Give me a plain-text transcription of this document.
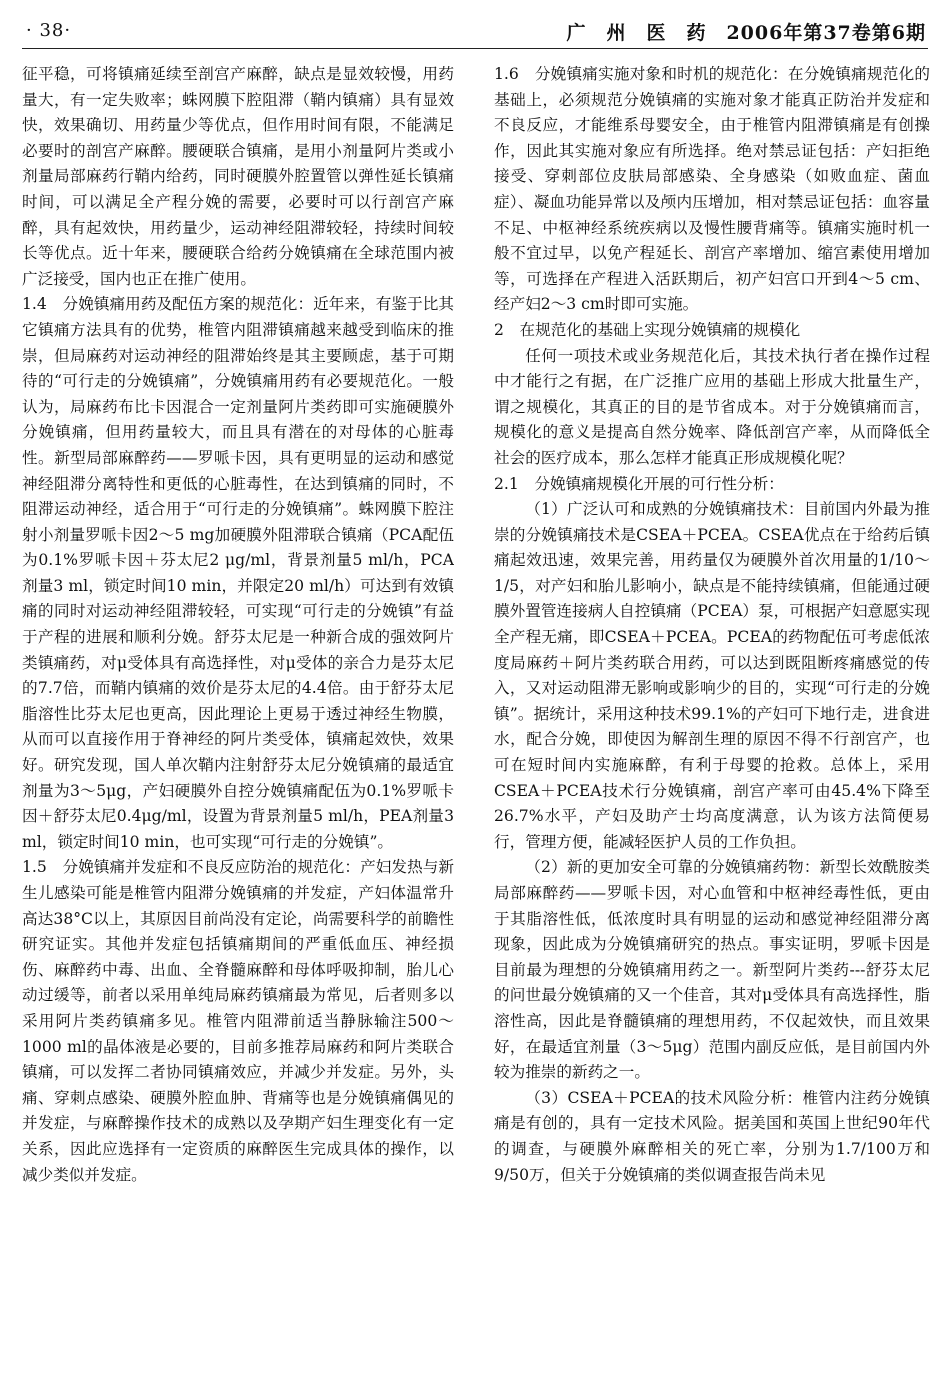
· 38·	广　州　医　药　2006年第37卷第6期

征平稳，可将镇痛延续至剖宫产麻醉，缺点是显效较慢，用药量大，有一定失败率；蛛网膜下腔阻滞（鞘内镇痛）具有显效快，效果确切、用药量少等优点，但作用时间有限，不能满足必要时的剖宫产麻醉。腰硬联合镇痛，是用小剂量阿片类或小剂量局部麻药行鞘内给药，同时硬膜外腔置管以弹性延长镇痛时间，可以满足全产程分娩的需要，必要时可以行剖宫产麻醉，具有起效快，用药量少，运动神经阻滞较轻，持续时间较长等优点。近十年来，腰硬联合给药分娩镇痛在全球范围内被广泛接受，国内也正在推广使用。

1.4　分娩镇痛用药及配伍方案的规范化：近年来，有鉴于比其它镇痛方法具有的优势，椎管内阻滞镇痛越来越受到临床的推崇，但局麻药对运动神经的阻滞始终是其主要顾虑，基于可期待的“可行走的分娩镇痛”，分娩镇痛用药有必要规范化。一般认为，局麻药布比卡因混合一定剂量阿片类药即可实施硬膜外分娩镇痛，但用药量较大，而且具有潜在的对母体的心脏毒性。新型局部麻醉药——罗哌卡因，具有更明显的运动和感觉神经阻滞分离特性和更低的心脏毒性，在达到镇痛的同时，不阻滞运动神经，适合用于“可行走的分娩镇痛”。蛛网膜下腔注射小剂量罗哌卡因2～5 mg加硬膜外阻滞联合镇痛（PCA配伍为0.1%罗哌卡因＋芬太尼2 μg/ml，背景剂量5 ml/h，PCA剂量3 ml，锁定时间10 min，并限定20 ml/h）可达到有效镇痛的同时对运动神经阻滞较轻，可实现“可行走的分娩镇”有益于产程的进展和顺利分娩。舒芬太尼是一种新合成的强效阿片类镇痛药，对μ受体具有高选择性，对μ受体的亲合力是芬太尼的7.7倍，而鞘内镇痛的效价是芬太尼的4.4倍。由于舒芬太尼脂溶性比芬太尼也更高，因此理论上更易于透过神经生物膜，从而可以直接作用于脊神经的阿片类受体，镇痛起效快，效果好。研究发现，国人单次鞘内注射舒芬太尼分娩镇痛的最适宜剂量为3～5μg，产妇硬膜外自控分娩镇痛配伍为0.1%罗哌卡因＋舒芬太尼0.4μg/ml，设置为背景剂量5 ml/h，PEA剂量3 ml，锁定时间10 min，也可实现“可行走的分娩镇”。

1.5　分娩镇痛并发症和不良反应防治的规范化：产妇发热与新生儿感染可能是椎管内阻滞分娩镇痛的并发症，产妇体温常升高达38°C以上，其原因目前尚没有定论，尚需要科学的前瞻性研究证实。其他并发症包括镇痛期间的严重低血压、神经损伤、麻醉药中毒、出血、全脊髓麻醉和母体呼吸抑制，胎儿心动过缓等，前者以采用单纯局麻药镇痛最为常见，后者则多以采用阿片类药镇痛多见。椎管内阻滞前适当静脉输注500～1000 ml的晶体液是必要的，目前多推荐局麻药和阿片类联合镇痛，可以发挥二者协同镇痛效应，并减少并发症。另外，头痛、穿刺点感染、硬膜外腔血肿、背痛等也是分娩镇痛偶见的并发症，与麻醉操作技术的成熟以及孕期产妇生理变化有一定关系，因此应选择有一定资质的麻醉医生完成具体的操作，以减少类似并发症。

1.6　分娩镇痛实施对象和时机的规范化：在分娩镇痛规范化的基础上，必须规范分娩镇痛的实施对象才能真正防治并发症和不良反应，才能维系母婴安全，由于椎管内阻滞镇痛是有创操作，因此其实施对象应有所选择。绝对禁忌证包括：产妇拒绝接受、穿刺部位皮肤局部感染、全身感染（如败血症、菌血症）、凝血功能异常以及颅内压增加，相对禁忌证包括：血容量不足、中枢神经系统疾病以及慢性腰背痛等。镇痛实施时机一般不宜过早，以免产程延长、剖宫产率增加、缩宫素使用增加等，可选择在产程进入活跃期后，初产妇宫口开到4～5 cm、经产妇2～3 cm时即可实施。

2　在规范化的基础上实现分娩镇痛的规模化

任何一项技术或业务规范化后，其技术执行者在操作过程中才能行之有据，在广泛推广应用的基础上形成大批量生产，谓之规模化，其真正的目的是节省成本。对于分娩镇痛而言，规模化的意义是提高自然分娩率、降低剖宫产率，从而降低全社会的医疗成本，那么怎样才能真正形成规模化呢？

2.1　分娩镇痛规模化开展的可行性分析：

（1）广泛认可和成熟的分娩镇痛技术：目前国内外最为推崇的分娩镇痛技术是CSEA＋PCEA。CSEA优点在于给药后镇痛起效迅速，效果完善，用药量仅为硬膜外首次用量的1/10～1/5，对产妇和胎儿影响小，缺点是不能持续镇痛，但能通过硬膜外置管连接病人自控镇痛（PCEA）泵，可根据产妇意愿实现全产程无痛，即CSEA＋PCEA。PCEA的药物配伍可考虑低浓度局麻药＋阿片类药联合用药，可以达到既阻断疼痛感觉的传入，又对运动阻滞无影响或影响少的目的，实现“可行走的分娩镇”。据统计，采用这种技术99.1%的产妇可下地行走，进食进水，配合分娩，即使因为解剖生理的原因不得不行剖宫产，也可在短时间内实施麻醉，有利于母婴的抢救。总体上，采用CSEA＋PCEA技术行分娩镇痛，剖宫产率可由45.4%下降至26.7%水平，产妇及助产士均高度满意，认为该方法简便易行，管理方便，能减轻医护人员的工作负担。

（2）新的更加安全可靠的分娩镇痛药物：新型长效酰胺类局部麻醉药——罗哌卡因，对心血管和中枢神经毒性低，更由于其脂溶性低，低浓度时具有明显的运动和感觉神经阻滞分离现象，因此成为分娩镇痛研究的热点。事实证明，罗哌卡因是目前最为理想的分娩镇痛用药之一。新型阿片类药---舒芬太尼的问世最分娩镇痛的又一个佳音，其对μ受体具有高选择性，脂溶性高，因此是脊髓镇痛的理想用药，不仅起效快，而且效果好，在最适宜剂量（3～5μg）范围内副反应低，是目前国内外较为推崇的新药之一。

（3）CSEA＋PCEA的技术风险分析：椎管内注药分娩镇痛是有创的，具有一定技术风险。据美国和英国上世纪90年代的调查，与硬膜外麻醉相关的死亡率，分别为1.7/100万和9/50万，但关于分娩镇痛的类似调查报告尚未见
